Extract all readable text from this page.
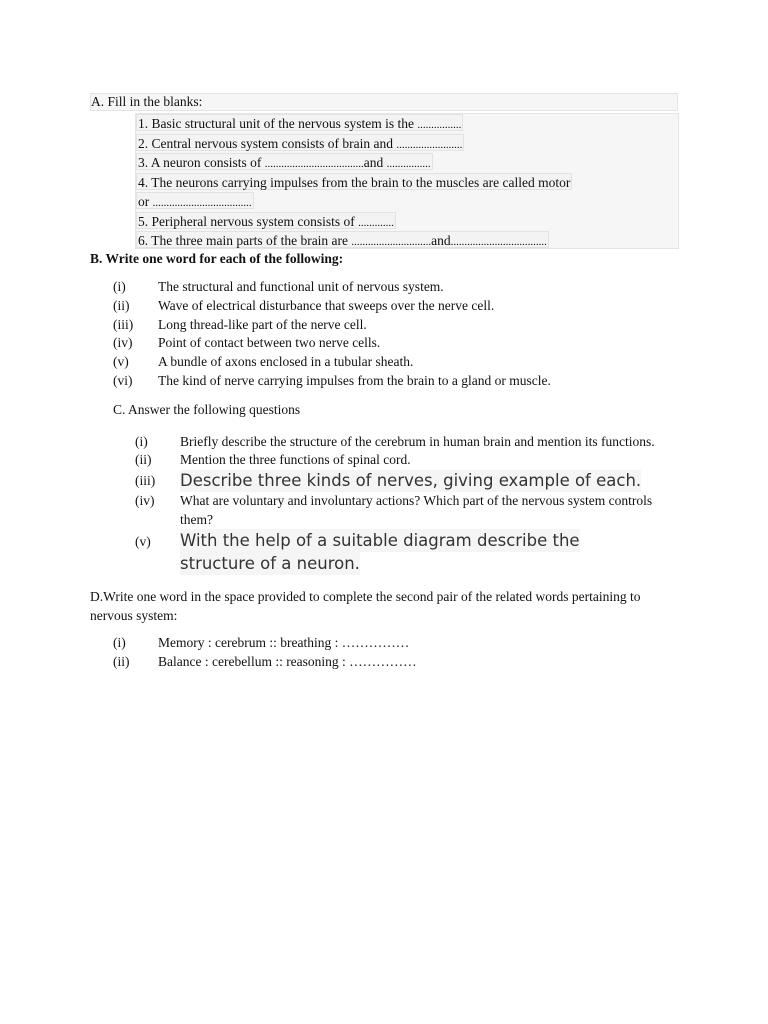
A. Fill in the blanks:
1. Basic structural unit of the nervous system is the ................
2. Central nervous system consists of brain and ........................
3. A neuron consists of ....................................and ................
4. The neurons carrying impulses from the brain to the muscles are called motor
or ....................................
5. Peripheral nervous system consists of .............
6. The three main parts of the brain are .............................and...................................
B. Write one word for each of the following:
(i) The structural and functional unit of nervous system.
(ii) Wave of electrical disturbance that sweeps over the nerve cell.
(iii) Long thread-like part of the nerve cell.
(iv) Point of contact between two nerve cells.
(v) A bundle of axons enclosed in a tubular sheath.
(vi) The kind of nerve carrying impulses from the brain to a gland or muscle.
C. Answer the following questions
(i) Briefly describe the structure of the cerebrum in human brain and mention its functions.
(ii) Mention the three functions of spinal cord.
(iii) Describe three kinds of nerves, giving example of each.
(iv) What are voluntary and involuntary actions? Which part of the nervous system controls
them?
(v) With the help of a suitable diagram describe the
structure of a neuron.
D.Write one word in the space provided to complete the second pair of the related words pertaining to nervous system:
(i) Memory : cerebrum :: breathing : ……………
(ii) Balance : cerebellum :: reasoning : ……………
